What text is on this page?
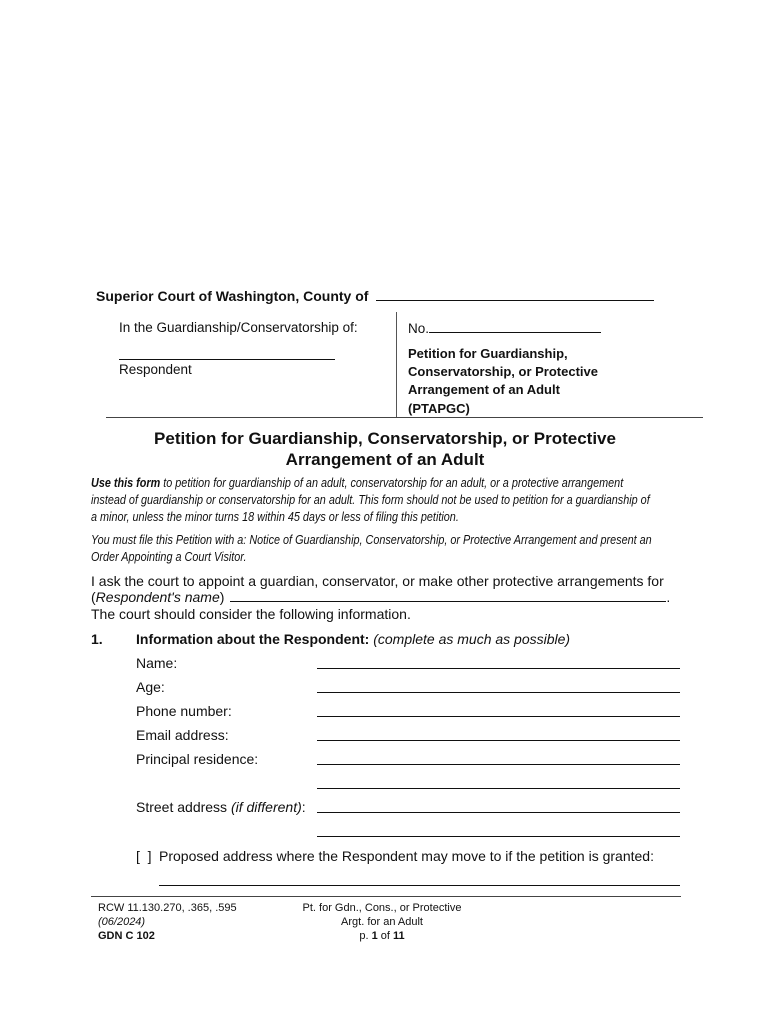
Superior Court of Washington, County of
In the Guardianship/Conservatorship of:
Respondent
No.
Petition for Guardianship,
Conservatorship, or Protective
Arrangement of an Adult
(PTAPGC)
Petition for Guardianship, Conservatorship, or Protective
Arrangement of an Adult
Use this form to petition for guardianship of an adult, conservatorship for an adult, or a protective arrangement
instead of guardianship or conservatorship for an adult. This form should not be used to petition for a guardianship of
a minor, unless the minor turns 18 within 45 days or less of filing this petition.
You must file this Petition with a: Notice of Guardianship, Conservatorship, or Protective Arrangement and present an
Order Appointing a Court Visitor.
I ask the court to appoint a guardian, conservator, or make other protective arrangements for
(Respondent's name)	.
The court should consider the following information.
1. Information about the Respondent: (complete as much as possible)
Name:
Age:
Phone number:
Email address:
Principal residence:
Street address (if different):
[  ] Proposed address where the Respondent may move to if the petition is granted:
RCW 11.130.270, .365, .595
(06/2024)
GDN C 102
Pt. for Gdn., Cons., or Protective
Argt. for an Adult
p. 1 of 11
